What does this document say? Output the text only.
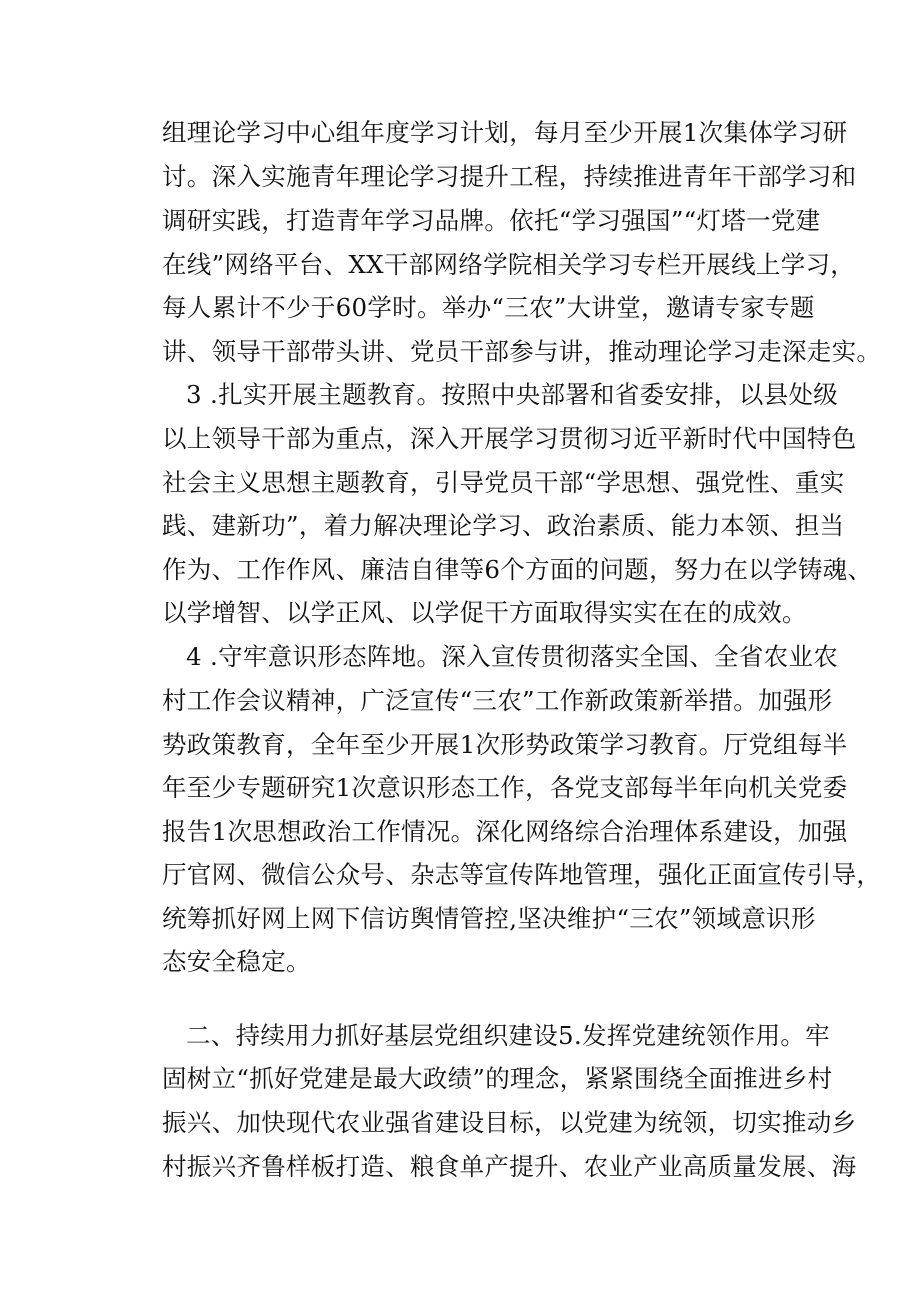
组理论学习中心组年度学习计划，每月至少开展1次集体学习研
讨。深入实施青年理论学习提升工程，持续推进青年干部学习和
调研实践，打造青年学习品牌。依托“学习强国”“灯塔一党建
在线”网络平台、XX干部网络学院相关学习专栏开展线上学习，
每人累计不少于60学时。举办“三农”大讲堂，邀请专家专题
讲、领导干部带头讲、党员干部参与讲，推动理论学习走深走实。
3 .扎实开展主题教育。按照中央部署和省委安排，以县处级
以上领导干部为重点，深入开展学习贯彻习近平新时代中国特色
社会主义思想主题教育，引导党员干部“学思想、强党性、重实
践、建新功”，着力解决理论学习、政治素质、能力本领、担当
作为、工作作风、廉洁自律等6个方面的问题，努力在以学铸魂、
以学增智、以学正风、以学促干方面取得实实在在的成效。
4 .守牢意识形态阵地。深入宣传贯彻落实全国、全省农业农
村工作会议精神，广泛宣传“三农”工作新政策新举措。加强形
势政策教育，全年至少开展1次形势政策学习教育。厅党组每半
年至少专题研究1次意识形态工作，各党支部每半年向机关党委
报告1次思想政治工作情况。深化网络综合治理体系建设，加强
厅官网、微信公众号、杂志等宣传阵地管理，强化正面宣传引导，
统筹抓好网上网下信访舆情管控,坚决维护“三农”领域意识形
态安全稳定。
二、持续用力抓好基层党组织建设5.发挥党建统领作用。牢
固树立“抓好党建是最大政绩”的理念，紧紧围绕全面推进乡村
振兴、加快现代农业强省建设目标，以党建为统领，切实推动乡
村振兴齐鲁样板打造、粮食单产提升、农业产业高质量发展、海
